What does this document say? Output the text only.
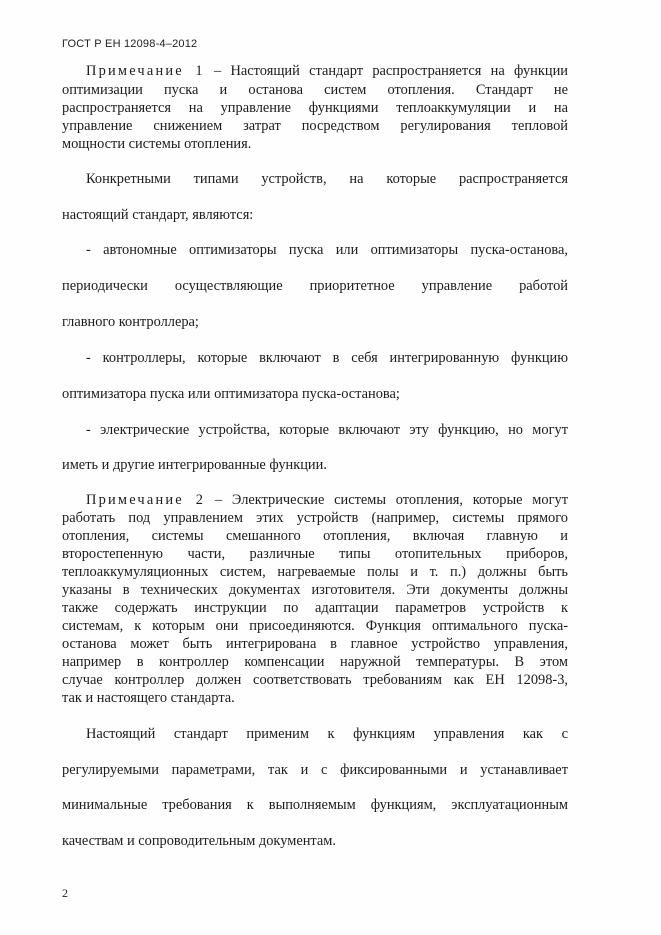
ГОСТ Р ЕН 12098-4–2012
Примечание 1 – Настоящий стандарт распространяется на функции
оптимизации пуска и останова систем отопления. Стандарт не
распространяется на управление функциями теплоаккумуляции и на
управление снижением затрат посредством регулирования тепловой
мощности системы отопления.
Конкретными типами устройств, на которые распространяется
настоящий стандарт, являются:
- автономные оптимизаторы пуска или оптимизаторы пуска-останова,
периодически осуществляющие приоритетное управление работой
главного контроллера;
- контроллеры, которые включают в себя интегрированную функцию
оптимизатора пуска или оптимизатора пуска-останова;
- электрические устройства, которые включают эту функцию, но могут
иметь и другие интегрированные функции.
Примечание 2 – Электрические системы отопления, которые могут
работать под управлением этих устройств (например, системы прямого
отопления, системы смешанного отопления, включая главную и
второстепенную части, различные типы отопительных приборов,
теплоаккумуляционных систем, нагреваемые полы и т. п.) должны быть
указаны в технических документах изготовителя. Эти документы должны
также содержать инструкции по адаптации параметров устройств к
системам, к которым они присоединяются. Функция оптимального пуска-
останова может быть интегрирована в главное устройство управления,
например в контроллер компенсации наружной температуры. В этом
случае контроллер должен соответствовать требованиям как ЕН 12098-3,
так и настоящего стандарта.
Настоящий стандарт применим к функциям управления как с
регулируемыми параметрами, так и с фиксированными и устанавливает
минимальные требования к выполняемым функциям, эксплуатационным
качествам и сопроводительным документам.
2
